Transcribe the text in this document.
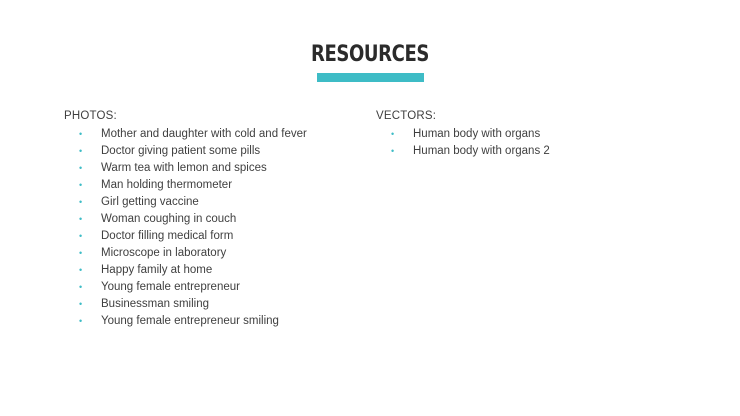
RESOURCES
PHOTOS:
•	Mother and daughter with cold and fever
•	Doctor giving patient some pills
•	Warm tea with lemon and spices
•	Man holding thermometer
•	Girl getting vaccine
•	Woman coughing in couch
•	Doctor filling medical form
•	Microscope in laboratory
•	Happy family at home
•	Young female entrepreneur
•	Businessman smiling
•	Young female entrepreneur smiling
VECTORS:
•	Human body with organs
•	Human body with organs 2
